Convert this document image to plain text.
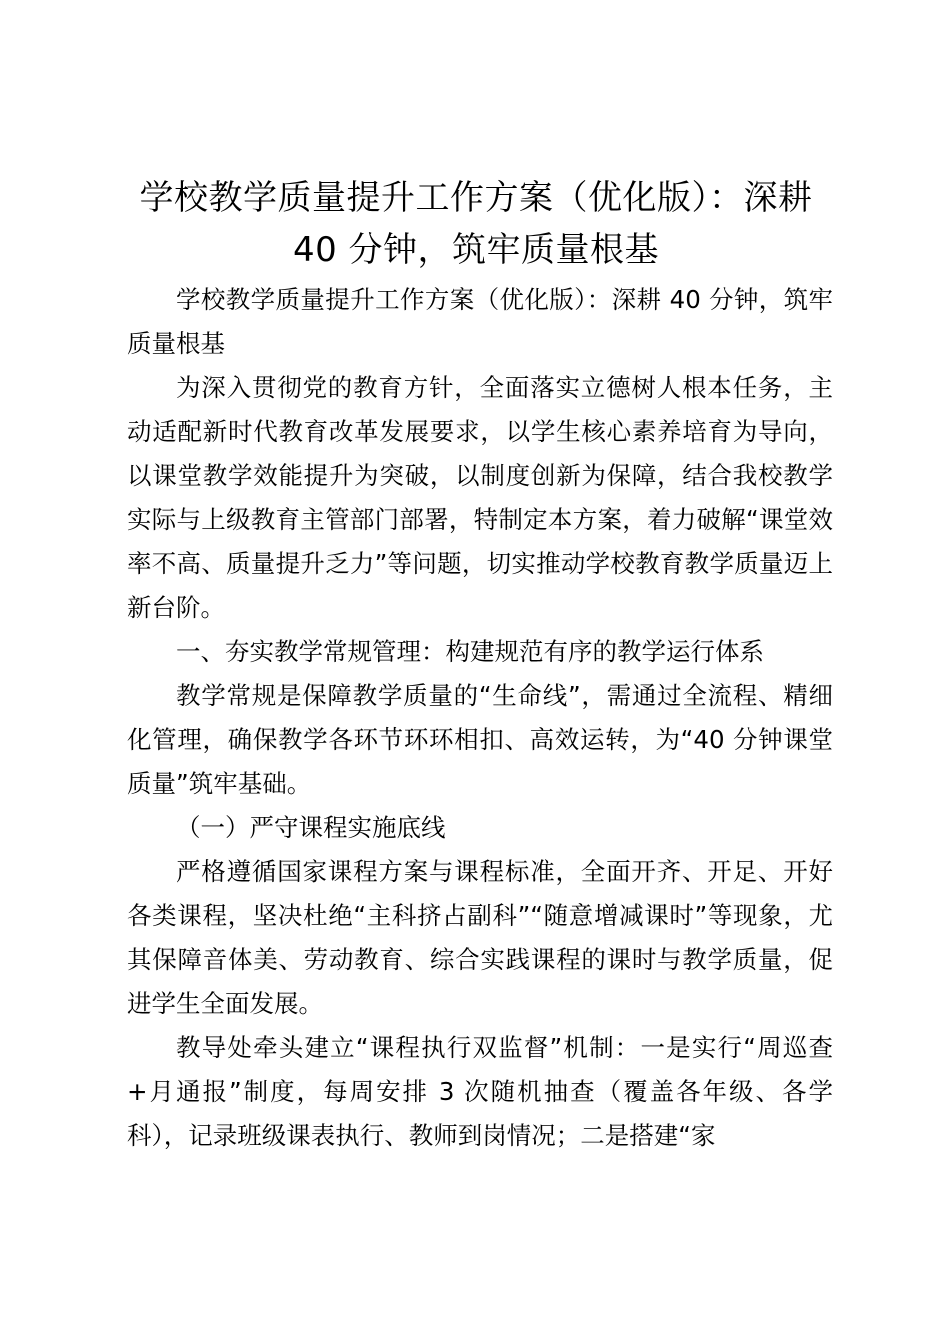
学校教学质量提升工作方案（优化版）：深耕 40 分钟，筑牢质量根基

学校教学质量提升工作方案（优化版）：深耕 40 分钟，筑牢质量根基

为深入贯彻党的教育方针，全面落实立德树人根本任务，主动适配新时代教育改革发展要求，以学生核心素养培育为导向，以课堂教学效能提升为突破，以制度创新为保障，结合我校教学实际与上级教育主管部门部署，特制定本方案，着力破解“课堂效率不高、质量提升乏力”等问题，切实推动学校教育教学质量迈上新台阶。

一、夯实教学常规管理：构建规范有序的教学运行体系

教学常规是保障教学质量的“生命线”，需通过全流程、精细化管理，确保教学各环节环环相扣、高效运转，为“40 分钟课堂质量”筑牢基础。

（一）严守课程实施底线

严格遵循国家课程方案与课程标准，全面开齐、开足、开好各类课程，坚决杜绝“主科挤占副科”“随意增减课时”等现象，尤其保障音体美、劳动教育、综合实践课程的课时与教学质量，促进学生全面发展。

教导处牵头建立“课程执行双监督”机制：一是实行“周巡查+月通报”制度，每周安排 3 次随机抽查（覆盖各年级、各学科），记录班级课表执行、教师到岗情况；二是搭建“家
